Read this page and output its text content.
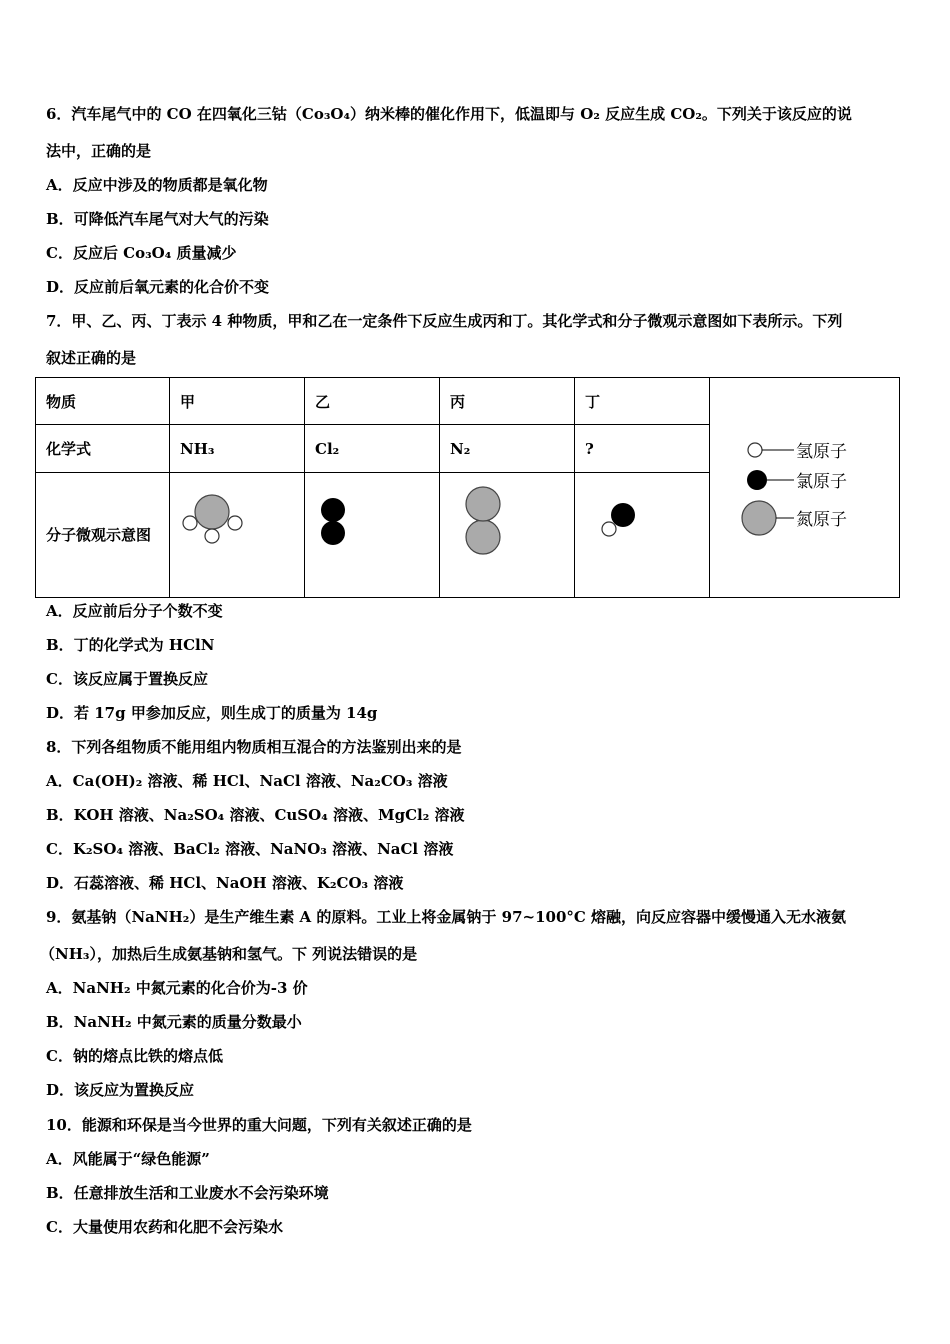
6．汽车尾气中的 CO 在四氧化三钴（Co₃O₄）纳米棒的催化作用下，低温即与 O₂ 反应生成 CO₂。下列关于该反应的说
法中，正确的是
A．反应中涉及的物质都是氧化物
B．可降低汽车尾气对大气的污染
C．反应后 Co₃O₄ 质量减少
D．反应前后氧元素的化合价不变
7．甲、乙、丙、丁表示 4 种物质，甲和乙在一定条件下反应生成丙和丁。其化学式和分子微观示意图如下表所示。下列
叙述正确的是
物质	甲	乙	丙	丁	氢原子
氯原子
氮原子

化学式	NH₃	Cl₂	N₂	?	
分子微观示意图				
A．反应前后分子个数不变
B．丁的化学式为 HClN
C．该反应属于置换反应
D．若 17g 甲参加反应，则生成丁的质量为 14g
8．下列各组物质不能用组内物质相互混合的方法鉴别出来的是
A．Ca(OH)₂ 溶液、稀 HCl、NaCl 溶液、Na₂CO₃ 溶液
B．KOH 溶液、Na₂SO₄ 溶液、CuSO₄ 溶液、MgCl₂ 溶液
C．K₂SO₄ 溶液、BaCl₂ 溶液、NaNO₃ 溶液、NaCl 溶液
D．石蕊溶液、稀 HCl、NaOH 溶液、K₂CO₃ 溶液
9．氨基钠（NaNH₂）是生产维生素 A 的原料。工业上将金属钠于 97~100°C 熔融，向反应容器中缓慢通入无水液氨
（NH₃），加热后生成氨基钠和氢气。下 列说法错误的是
A．NaNH₂ 中氮元素的化合价为-3 价
B．NaNH₂ 中氮元素的质量分数最小
C．钠的熔点比铁的熔点低
D．该反应为置换反应
10．能源和环保是当今世界的重大问题，下列有关叙述正确的是
A．风能属于“绿色能源”
B．任意排放生活和工业废水不会污染环境
C．大量使用农药和化肥不会污染水
